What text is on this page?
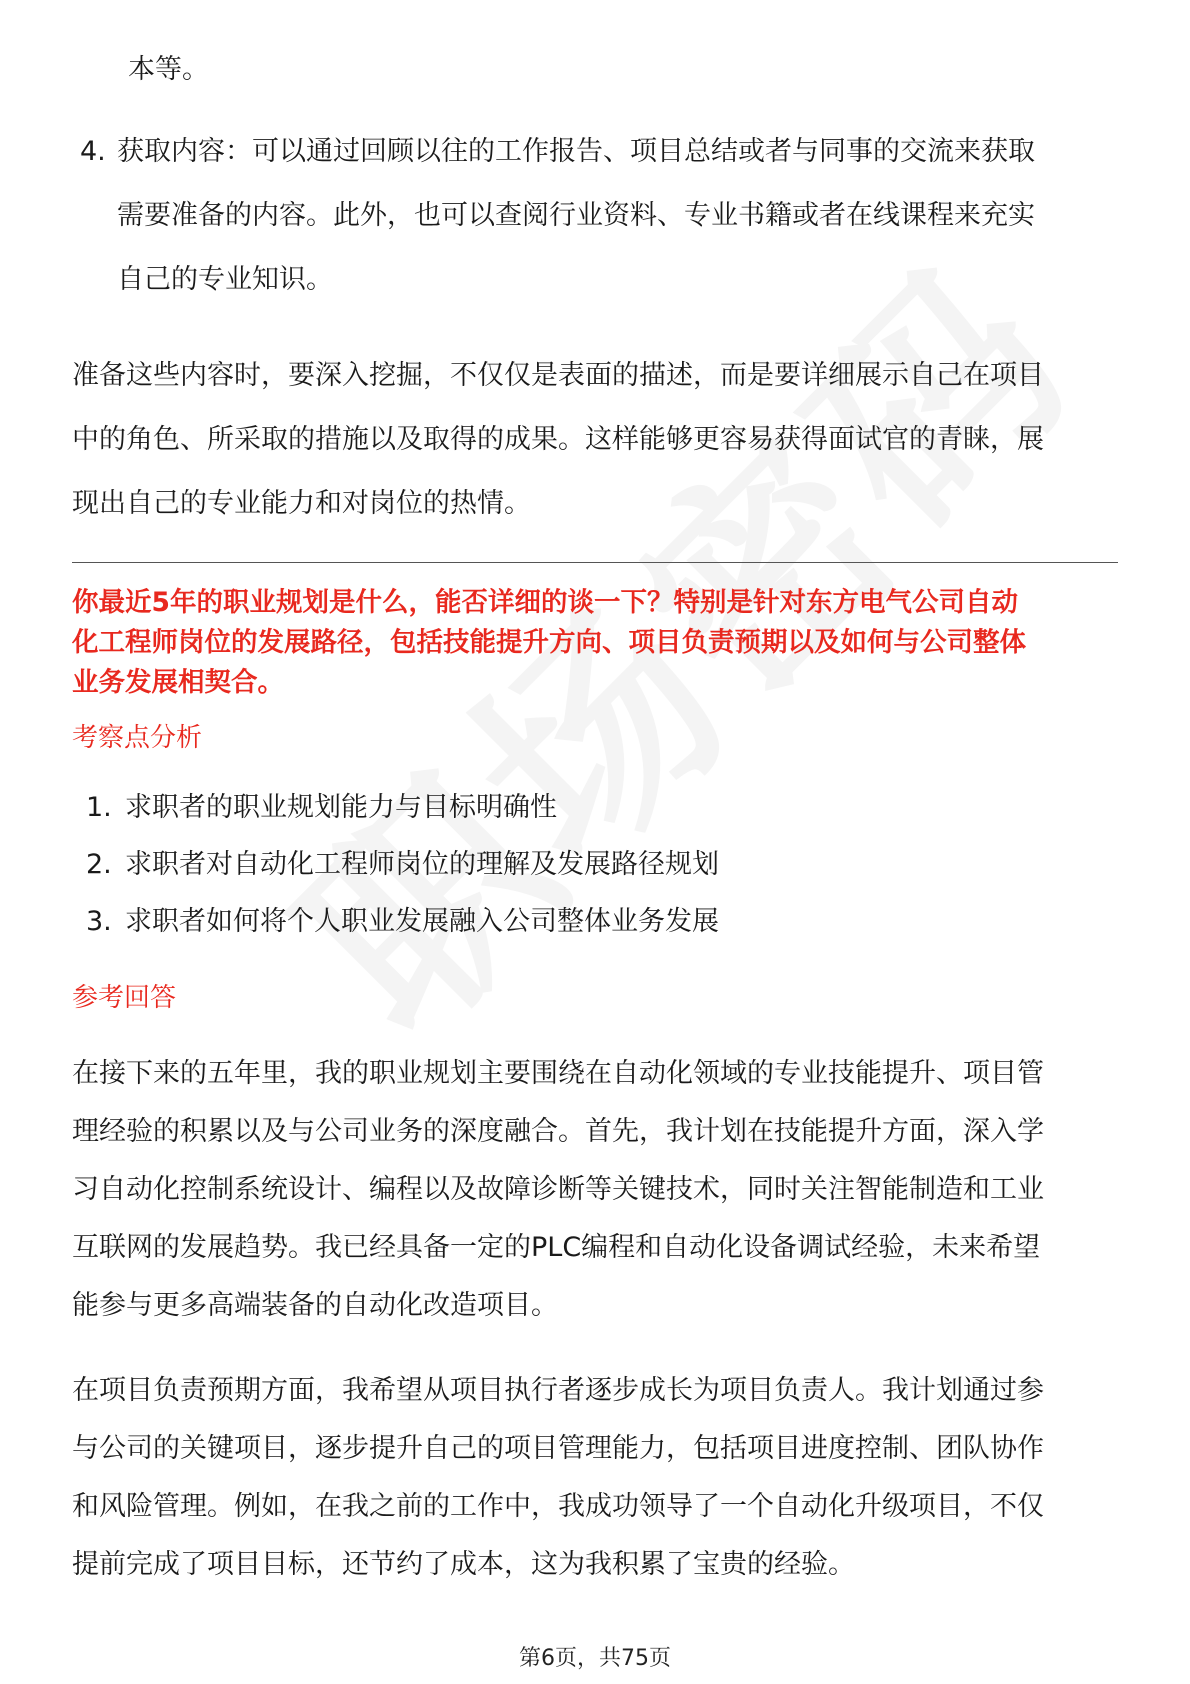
本等。
4. 获取内容：可以通过回顾以往的工作报告、项目总结或者与同事的交流来获取
需要准备的内容。此外，也可以查阅行业资料、专业书籍或者在线课程来充实
自己的专业知识。
准备这些内容时，要深入挖掘，不仅仅是表面的描述，而是要详细展示自己在项目
中的角色、所采取的措施以及取得的成果。这样能够更容易获得面试官的青睐，展
现出自己的专业能力和对岗位的热情。
你最近5年的职业规划是什么，能否详细的谈一下？特别是针对东方电气公司自动
化工程师岗位的发展路径，包括技能提升方向、项目负责预期以及如何与公司整体
业务发展相契合。
考察点分析
1. 求职者的职业规划能力与目标明确性
2. 求职者对自动化工程师岗位的理解及发展路径规划
3. 求职者如何将个人职业发展融入公司整体业务发展
参考回答
在接下来的五年里，我的职业规划主要围绕在自动化领域的专业技能提升、项目管
理经验的积累以及与公司业务的深度融合。首先，我计划在技能提升方面，深入学
习自动化控制系统设计、编程以及故障诊断等关键技术，同时关注智能制造和工业
互联网的发展趋势。我已经具备一定的PLC编程和自动化设备调试经验，未来希望
能参与更多高端装备的自动化改造项目。
在项目负责预期方面，我希望从项目执行者逐步成长为项目负责人。我计划通过参
与公司的关键项目，逐步提升自己的项目管理能力，包括项目进度控制、团队协作
和风险管理。例如，在我之前的工作中，我成功领导了一个自动化升级项目，不仅
提前完成了项目目标，还节约了成本，这为我积累了宝贵的经验。
第6页，共75页
